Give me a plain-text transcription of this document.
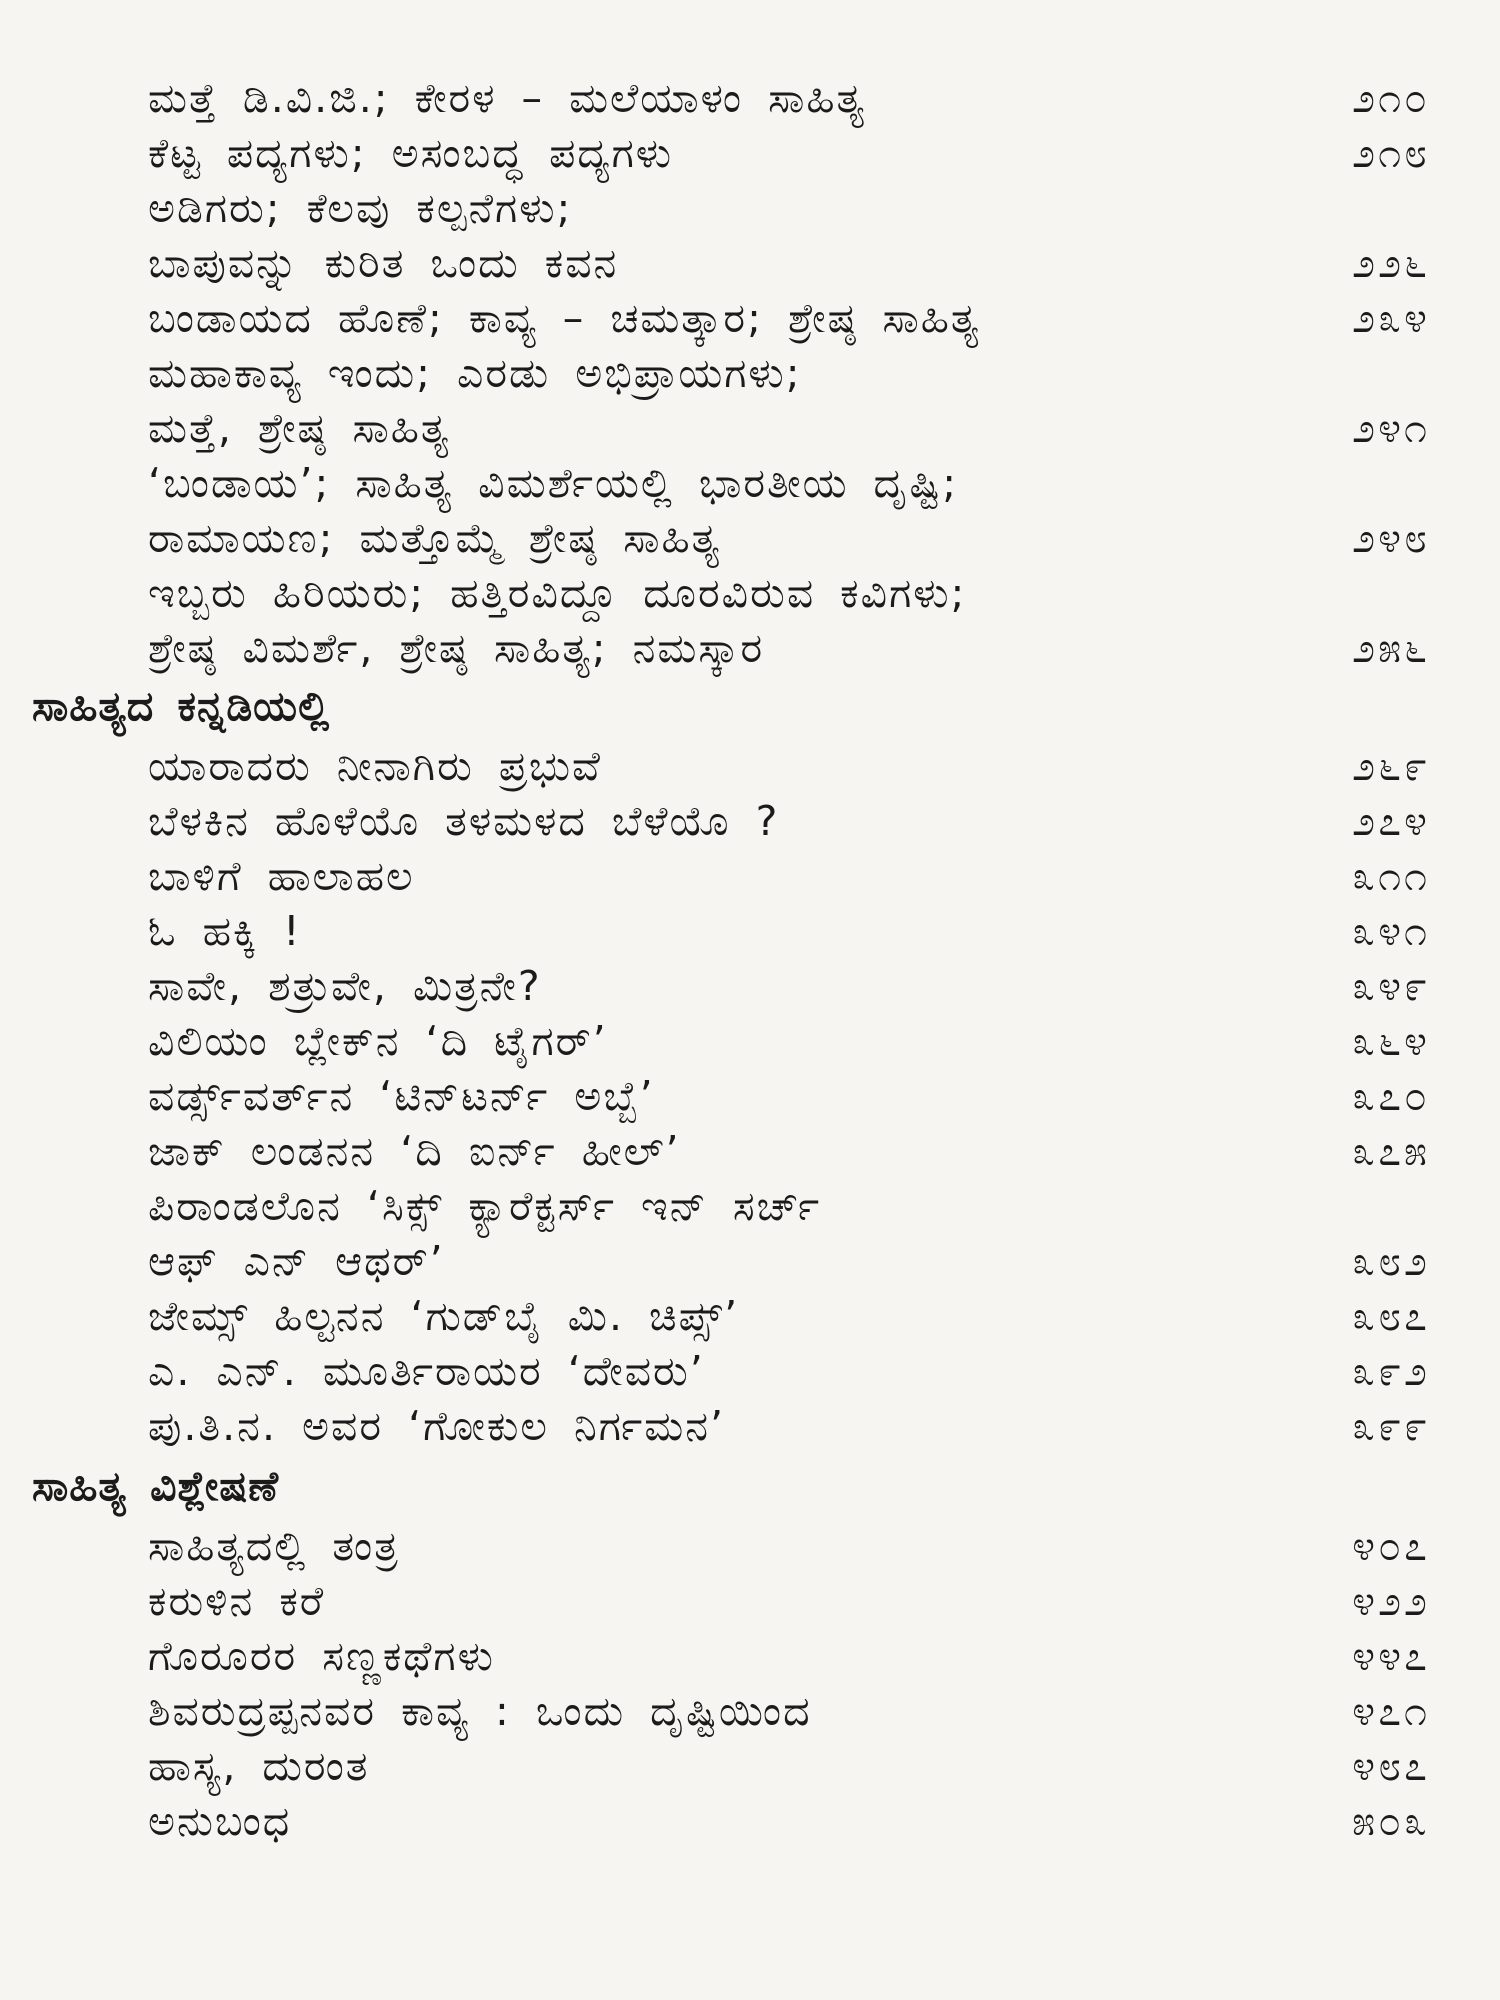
ಮತ್ತೆ ಡಿ.ವಿ.ಜಿ.; ಕೇರಳ – ಮಲೆಯಾಳಂ ಸಾಹಿತ್ಯ	೨೧೦
ಕೆಟ್ಟ ಪದ್ಯಗಳು; ಅಸಂಬದ್ಧ ಪದ್ಯಗಳು	೨೧೮
ಅಡಿಗರು; ಕೆಲವು ಕಲ್ಪನೆಗಳು;
ಬಾಪುವನ್ನು ಕುರಿತ ಒಂದು ಕವನ	೨೨೬
ಬಂಡಾಯದ ಹೊಣೆ; ಕಾವ್ಯ – ಚಮತ್ಕಾರ; ಶ್ರೇಷ್ಠ ಸಾಹಿತ್ಯ	೨೩೪
ಮಹಾಕಾವ್ಯ ಇಂದು; ಎರಡು ಅಭಿಪ್ರಾಯಗಳು;
ಮತ್ತೆ, ಶ್ರೇಷ್ಠ ಸಾಹಿತ್ಯ	೨೪೧
‘ಬಂಡಾಯ’; ಸಾಹಿತ್ಯ ವಿಮರ್ಶೆಯಲ್ಲಿ ಭಾರತೀಯ ದೃಷ್ಟಿ;
ರಾಮಾಯಣ; ಮತ್ತೊಮ್ಮೆ ಶ್ರೇಷ್ಠ ಸಾಹಿತ್ಯ	೨೪೮
ಇಬ್ಬರು ಹಿರಿಯರು; ಹತ್ತಿರವಿದ್ದೂ ದೂರವಿರುವ ಕವಿಗಳು;
ಶ್ರೇಷ್ಠ ವಿಮರ್ಶೆ, ಶ್ರೇಷ್ಠ ಸಾಹಿತ್ಯ; ನಮಸ್ಕಾರ	೨೫೬
ಸಾಹಿತ್ಯದ ಕನ್ನಡಿಯಲ್ಲಿ
ಯಾರಾದರು ನೀನಾಗಿರು ಪ್ರಭುವೆ	೨೬೯
ಬೆಳಕಿನ ಹೊಳೆಯೊ ತಳಮಳದ ಬೆಳೆಯೊ ?	೨೭೪
ಬಾಳಿಗೆ ಹಾಲಾಹಲ	೩೧೧
ಓ ಹಕ್ಕಿ !	೩೪೧
ಸಾವೇ, ಶತ್ರುವೇ, ಮಿತ್ರನೇ?	೩೪೯
ವಿಲಿಯಂ ಬ್ಲೇಕ್‌ನ ‘ದಿ ಟೈಗರ್’	೩೬೪
ವರ್ಡ್ಸ್‌ವರ್ತ್‌ನ ‘ಟಿನ್‌ಟರ್ನ್ ಅಬ್ಬೆ’	೩೭೦
ಜಾಕ್ ಲಂಡನನ ‘ದಿ ಐರ್ನ್ ಹೀಲ್’	೩೭೫
ಪಿರಾಂಡಲೊನ ‘ಸಿಕ್ಸ್ ಕ್ಯಾರೆಕ್ಟರ್ಸ್ ಇನ್ ಸರ್ಚ್
ಆಫ್ ಎನ್ ಆಥರ್’	೩೮೨
ಜೇಮ್ಸ್ ಹಿಲ್ಟನನ ‘ಗುಡ್‌ಬೈ ಮಿ. ಚಿಪ್ಸ್’	೩೮೭
ಎ. ಎನ್. ಮೂರ್ತಿರಾಯರ ‘ದೇವರು’	೩೯೨
ಪು.ತಿ.ನ. ಅವರ ‘ಗೋಕುಲ ನಿರ್ಗಮನ’	೩೯೯
ಸಾಹಿತ್ಯ ವಿಶ್ಲೇಷಣೆ
ಸಾಹಿತ್ಯದಲ್ಲಿ ತಂತ್ರ	೪೦೭
ಕರುಳಿನ ಕರೆ	೪೨೨
ಗೊರೂರರ ಸಣ್ಣಕಥೆಗಳು	೪೪೭
ಶಿವರುದ್ರಪ್ಪನವರ ಕಾವ್ಯ : ಒಂದು ದೃಷ್ಟಿಯಿಂದ	೪೭೧
ಹಾಸ್ಯ, ದುರಂತ	೪೮೭
ಅನುಬಂಧ	೫೦೩
